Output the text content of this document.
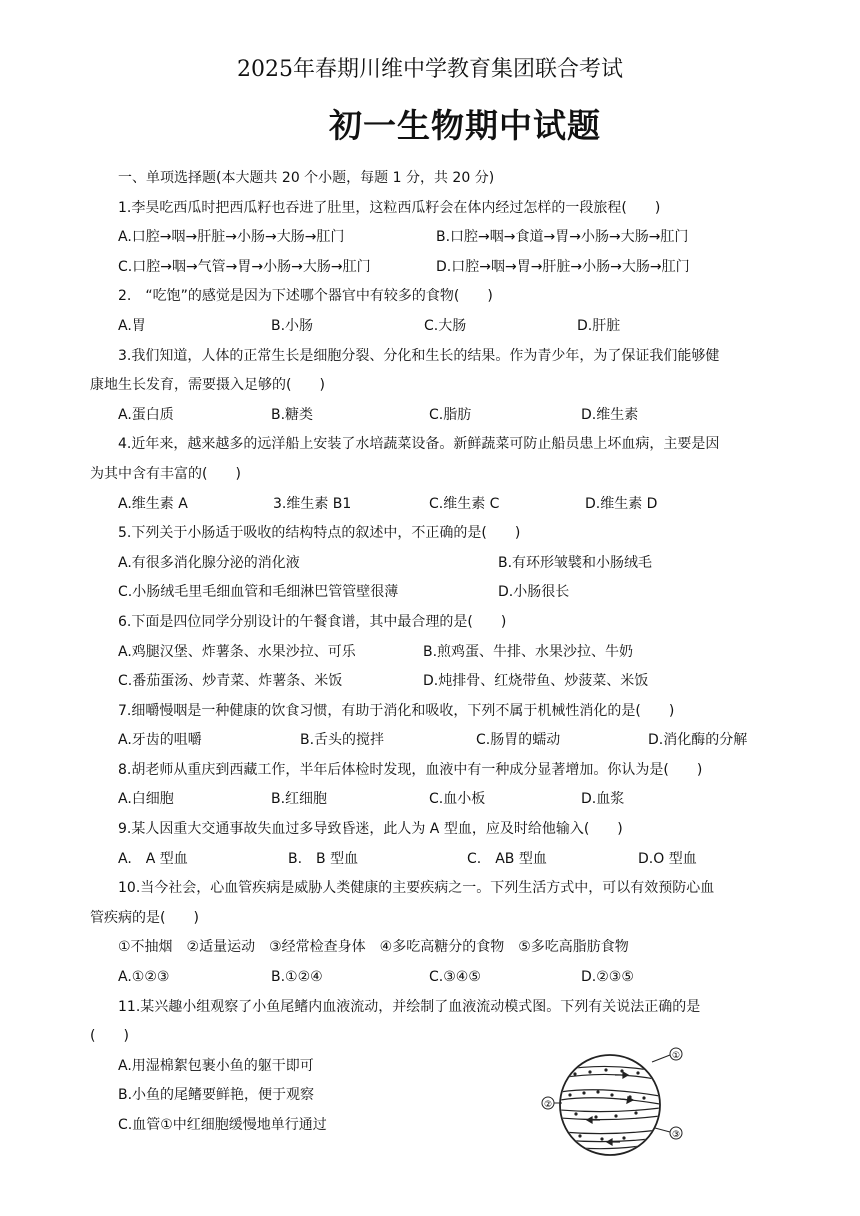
2025年春期川维中学教育集团联合考试
初一生物期中试题
一、单项选择题(本大题共 20 个小题，每题 1 分，共 20 分)
1.李昊吃西瓜时把西瓜籽也吞进了肚里，这粒西瓜籽会在体内经过怎样的一段旅程(　　)
A.口腔→咽→肝脏→小肠→大肠→肛门	B.口腔→咽→食道→胃→小肠→大肠→肛门
C.口腔→咽→气管→胃→小肠→大肠→肛门	D.口腔→咽→胃→肝脏→小肠→大肠→肛门
2.　“吃饱”的感觉是因为下述哪个器官中有较多的食物(　　)
A.胃	B.小肠	C.大肠	D.肝脏
3.我们知道，人体的正常生长是细胞分裂、分化和生长的结果。作为青少年，为了保证我们能够健
康地生长发育，需要摄入足够的(　　)
A.蛋白质	B.糖类	C.脂肪	D.维生素
4.近年来，越来越多的远洋船上安装了水培蔬菜设备。新鲜蔬菜可防止船员患上坏血病，主要是因
为其中含有丰富的(　　)
A.维生素 A	3.维生素 B1	C.维生素 C	D.维生素 D
5.下列关于小肠适于吸收的结构特点的叙述中，不正确的是(　　)
A.有很多消化腺分泌的消化液	B.有环形皱襞和小肠绒毛
C.小肠绒毛里毛细血管和毛细淋巴管管壁很薄	D.小肠很长
6.下面是四位同学分别设计的午餐食谱，其中最合理的是(　　)
A.鸡腿汉堡、炸薯条、水果沙拉、可乐	B.煎鸡蛋、牛排、水果沙拉、牛奶
C.番茄蛋汤、炒青菜、炸薯条、米饭	D.炖排骨、红烧带鱼、炒菠菜、米饭
7.细嚼慢咽是一种健康的饮食习惯，有助于消化和吸收，下列不属于机械性消化的是(　　)
A.牙齿的咀嚼	B.舌头的搅拌	C.肠胃的蠕动	D.消化酶的分解
8.胡老师从重庆到西藏工作，半年后体检时发现，血液中有一种成分显著增加。你认为是(　　)
A.白细胞	B.红细胞	C.血小板	D.血浆
9.某人因重大交通事故失血过多导致昏迷，此人为 A 型血，应及时给他输入(　　)
A.　A 型血	B.　B 型血	C.　AB 型血	D.O 型血
10.当今社会，心血管疾病是威胁人类健康的主要疾病之一。下列生活方式中，可以有效预防心血
管疾病的是(　　)
①不抽烟　②适量运动　③经常检查身体　④多吃高糖分的食物　⑤多吃高脂肪食物
A.①②③	B.①②④	C.③④⑤	D.②③⑤
11.某兴趣小组观察了小鱼尾鳍内血液流动，并绘制了血液流动模式图。下列有关说法正确的是
(　　)
A.用湿棉絮包裹小鱼的躯干即可
B.小鱼的尾鳍要鲜艳，便于观察
C.血管①中红细胞缓慢地单行通过
①
②
③
